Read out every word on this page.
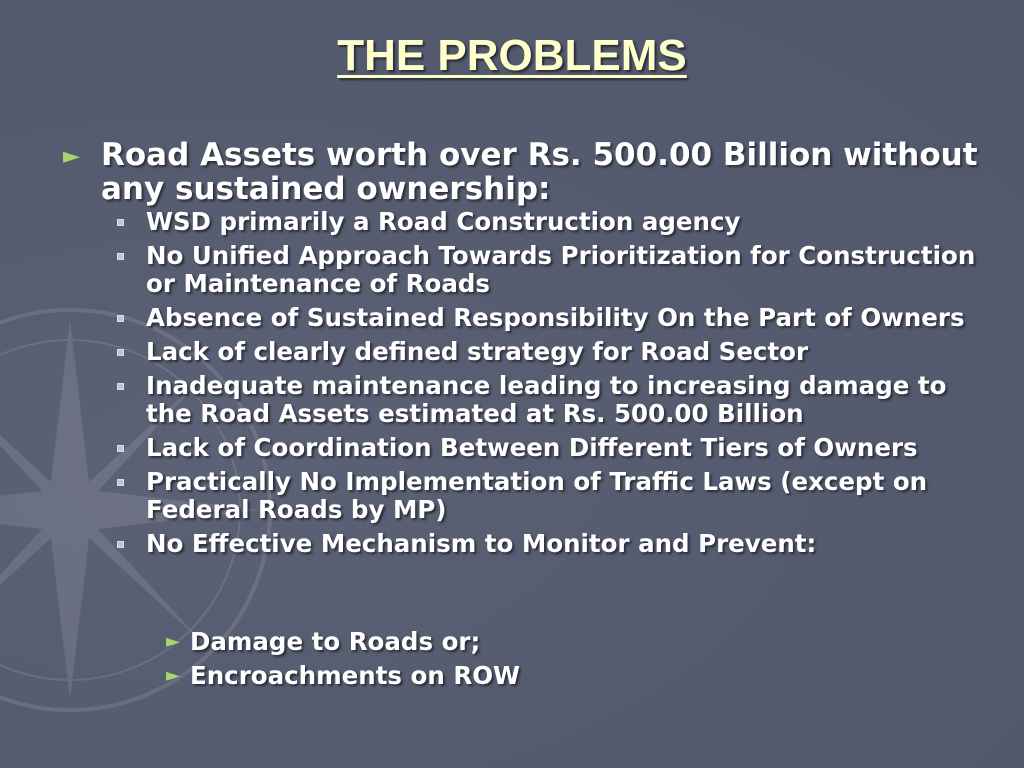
THE PROBLEMS
► Road Assets worth over Rs. 500.00 Billion without any sustained ownership:
WSD primarily a Road Construction agency
No Unified Approach Towards Prioritization for Construction or Maintenance of Roads
Absence of Sustained Responsibility On the Part of Owners
Lack of clearly defined strategy for Road Sector
Inadequate maintenance leading to increasing damage to the Road Assets estimated at Rs. 500.00 Billion
Lack of Coordination Between Different Tiers of Owners
Practically No Implementation of Traffic Laws (except on Federal Roads by MP)
No Effective Mechanism to Monitor and Prevent:
► Damage to Roads or;
► Encroachments on ROW
